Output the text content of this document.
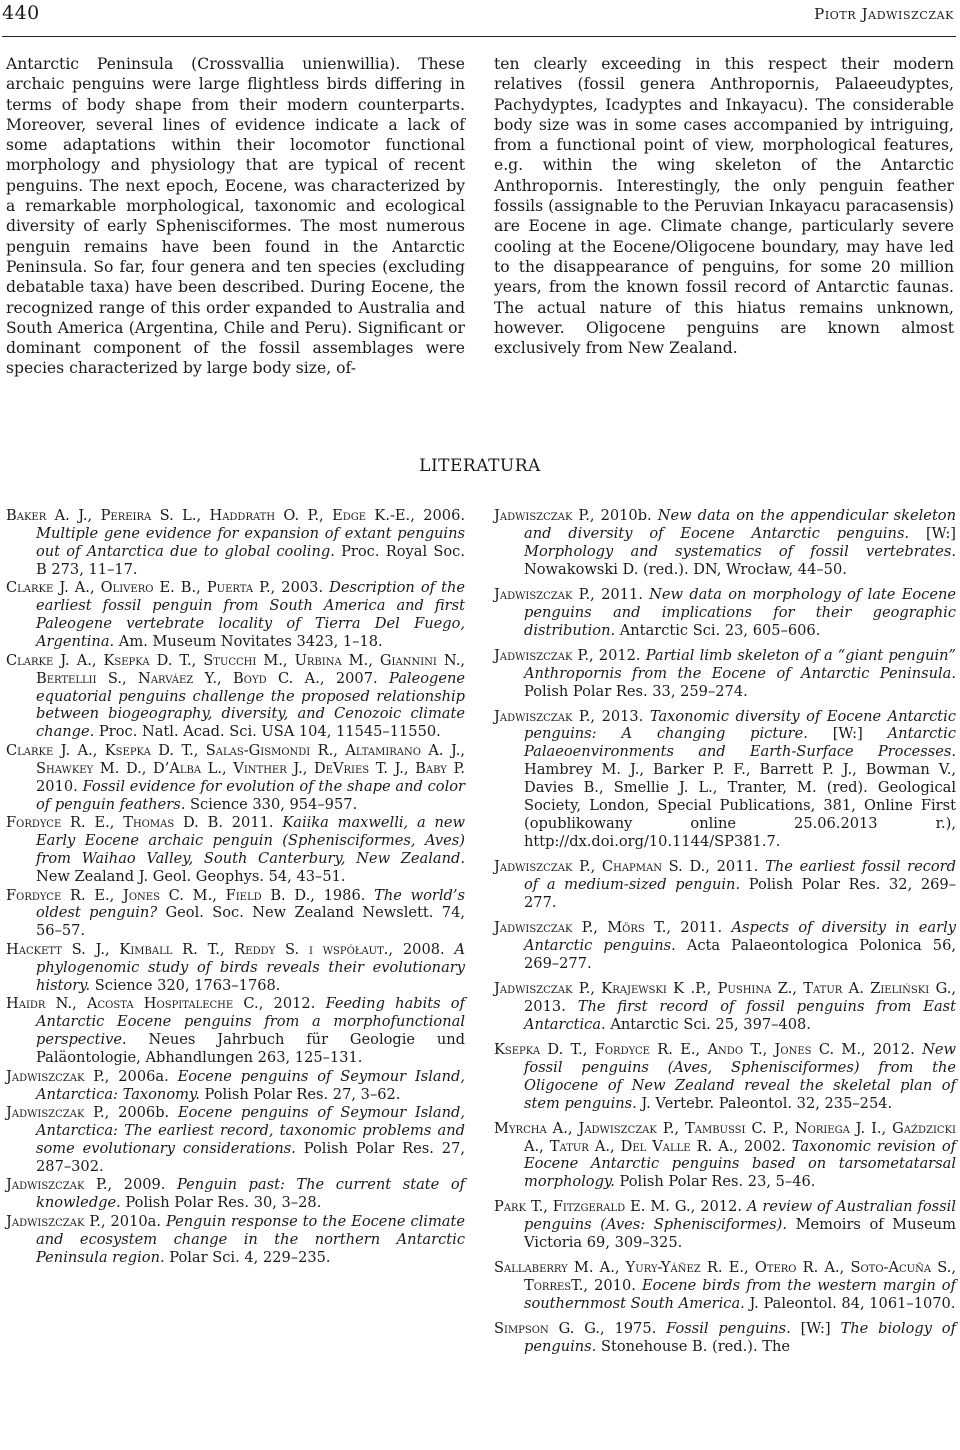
440	Piotr Jadwiszczak

Antarctic Peninsula (Crossvallia unienwillia). These archaic penguins were large flightless birds differing in terms of body shape from their modern counterparts. Moreover, several lines of evidence indicate a lack of some adaptations within their locomotor functional morphology and physiology that are typical of recent penguins. The next epoch, Eocene, was characterized by a remarkable morphological, taxonomic and ecological diversity of early Sphenisciformes. The most numerous penguin remains have been found in the Antarctic Peninsula. So far, four genera and ten species (excluding debatable taxa) have been described. During Eocene, the recognized range of this order expanded to Australia and South America (Argentina, Chile and Peru). Significant or dominant component of the fossil assemblages were species characterized by large body size, of-

ten clearly exceeding in this respect their modern relatives (fossil genera Anthropornis, Palaeeudyptes, Pachydyptes, Icadyptes and Inkayacu). The considerable body size was in some cases accompanied by intriguing, from a functional point of view, morphological features, e.g. within the wing skeleton of the Antarctic Anthropornis. Interestingly, the only penguin feather fossils (assignable to the Peruvian Inkayacu paracasensis) are Eocene in age. Climate change, particularly severe cooling at the Eocene/Oligocene boundary, may have led to the disappearance of penguins, for some 20 million years, from the known fossil record of Antarctic faunas. The actual nature of this hiatus remains unknown, however. Oligocene penguins are known almost exclusively from New Zealand.

LITERATURA

Baker A. J., Pereira S. L., Haddrath O. P., Edge K.-E., 2006. Multiple gene evidence for expansion of extant penguins out of Antarctica due to global cooling. Proc. Royal Soc. B 273, 11–17.

Clarke J. A., Olivero E. B., Puerta P., 2003. Description of the earliest fossil penguin from South America and first Paleogene vertebrate locality of Tierra Del Fuego, Argentina. Am. Museum Novitates 3423, 1–18.

Clarke J. A., Ksepka D. T., Stucchi M., Urbina M., Giannini N., Bertellii S., Narváez Y., Boyd C. A., 2007. Paleogene equatorial penguins challenge the proposed relationship between biogeography, diversity, and Cenozoic climate change. Proc. Natl. Acad. Sci. USA 104, 11545–11550.

Clarke J. A., Ksepka D. T., Salas-Gismondi R., Altamirano A. J., Shawkey M. D., D’Alba L., Vinther J., DeVries T. J., Baby P. 2010. Fossil evidence for evolution of the shape and color of penguin feathers. Science 330, 954–957.

Fordyce R. E., Thomas D. B. 2011. Kaiika maxwelli, a new Early Eocene archaic penguin (Sphenisciformes, Aves) from Waihao Valley, South Canterbury, New Zealand. New Zealand J. Geol. Geophys. 54, 43–51.

Fordyce R. E., Jones C. M., Field B. D., 1986. The world’s oldest penguin? Geol. Soc. New Zealand Newslett. 74, 56–57.

Hackett S. J., Kimball R. T., Reddy S. i współaut., 2008. A phylogenomic study of birds reveals their evolutionary history. Science 320, 1763–1768.

Haidr N., Acosta Hospitaleche C., 2012. Feeding habits of Antarctic Eocene penguins from a morphofunctional perspective. Neues Jahrbuch für Geologie und Paläontologie, Abhandlungen 263, 125–131.

Jadwiszczak P., 2006a. Eocene penguins of Seymour Island, Antarctica: Taxonomy. Polish Polar Res. 27, 3–62.

Jadwiszczak P., 2006b. Eocene penguins of Seymour Island, Antarctica: The earliest record, taxonomic problems and some evolutionary considerations. Polish Polar Res. 27, 287–302.

Jadwiszczak P., 2009. Penguin past: The current state of knowledge. Polish Polar Res. 30, 3–28.

Jadwiszczak P., 2010a. Penguin response to the Eocene climate and ecosystem change in the northern Antarctic Peninsula region. Polar Sci. 4, 229–235.

Jadwiszczak P., 2010b. New data on the appendicular skeleton and diversity of Eocene Antarctic penguins. [W:] Morphology and systematics of fossil vertebrates. Nowakowski D. (red.). DN, Wrocław, 44–50.

Jadwiszczak P., 2011. New data on morphology of late Eocene penguins and implications for their geographic distribution. Antarctic Sci. 23, 605–606.

Jadwiszczak P., 2012. Partial limb skeleton of a “giant penguin” Anthropornis from the Eocene of Antarctic Peninsula. Polish Polar Res. 33, 259–274.

Jadwiszczak P., 2013. Taxonomic diversity of Eocene Antarctic penguins: A changing picture. [W:] Antarctic Palaeoenvironments and Earth-Surface Processes. Hambrey M. J., Barker P. F., Barrett P. J., Bowman V., Davies B., Smellie J. L., Tranter, M. (red). Geological Society, London, Special Publications, 381, Online First (opublikowany online 25.06.2013 r.), http://dx.doi.org/10.1144/SP381.7.

Jadwiszczak P., Chapman S. D., 2011. The earliest fossil record of a medium-sized penguin. Polish Polar Res. 32, 269–277.

Jadwiszczak P., Mörs T., 2011. Aspects of diversity in early Antarctic penguins. Acta Palaeontologica Polonica 56, 269–277.

Jadwiszczak P., Krajewski K .P., Pushina Z., Tatur A. Zieliński G., 2013. The first record of fossil penguins from East Antarctica. Antarctic Sci. 25, 397–408.

Ksepka D. T., Fordyce R. E., Ando T., Jones C. M., 2012. New fossil penguins (Aves, Sphenisciformes) from the Oligocene of New Zealand reveal the skeletal plan of stem penguins. J. Vertebr. Paleontol. 32, 235–254.

Myrcha A., Jadwiszczak P., Tambussi C. P., Noriega J. I., Gaździcki A., Tatur A., Del Valle R. A., 2002. Taxonomic revision of Eocene Antarctic penguins based on tarsometatarsal morphology. Polish Polar Res. 23, 5–46.

Park T., Fitzgerald E. M. G., 2012. A review of Australian fossil penguins (Aves: Sphenisciformes). Memoirs of Museum Victoria 69, 309–325.

Sallaberry M. A., Yury-Yáñez R. E., Otero R. A., Soto-Acuña S., TorresT., 2010. Eocene birds from the western margin of southernmost South America. J. Paleontol. 84, 1061–1070.

Simpson G. G., 1975. Fossil penguins. [W:] The biology of penguins. Stonehouse B. (red.). The
